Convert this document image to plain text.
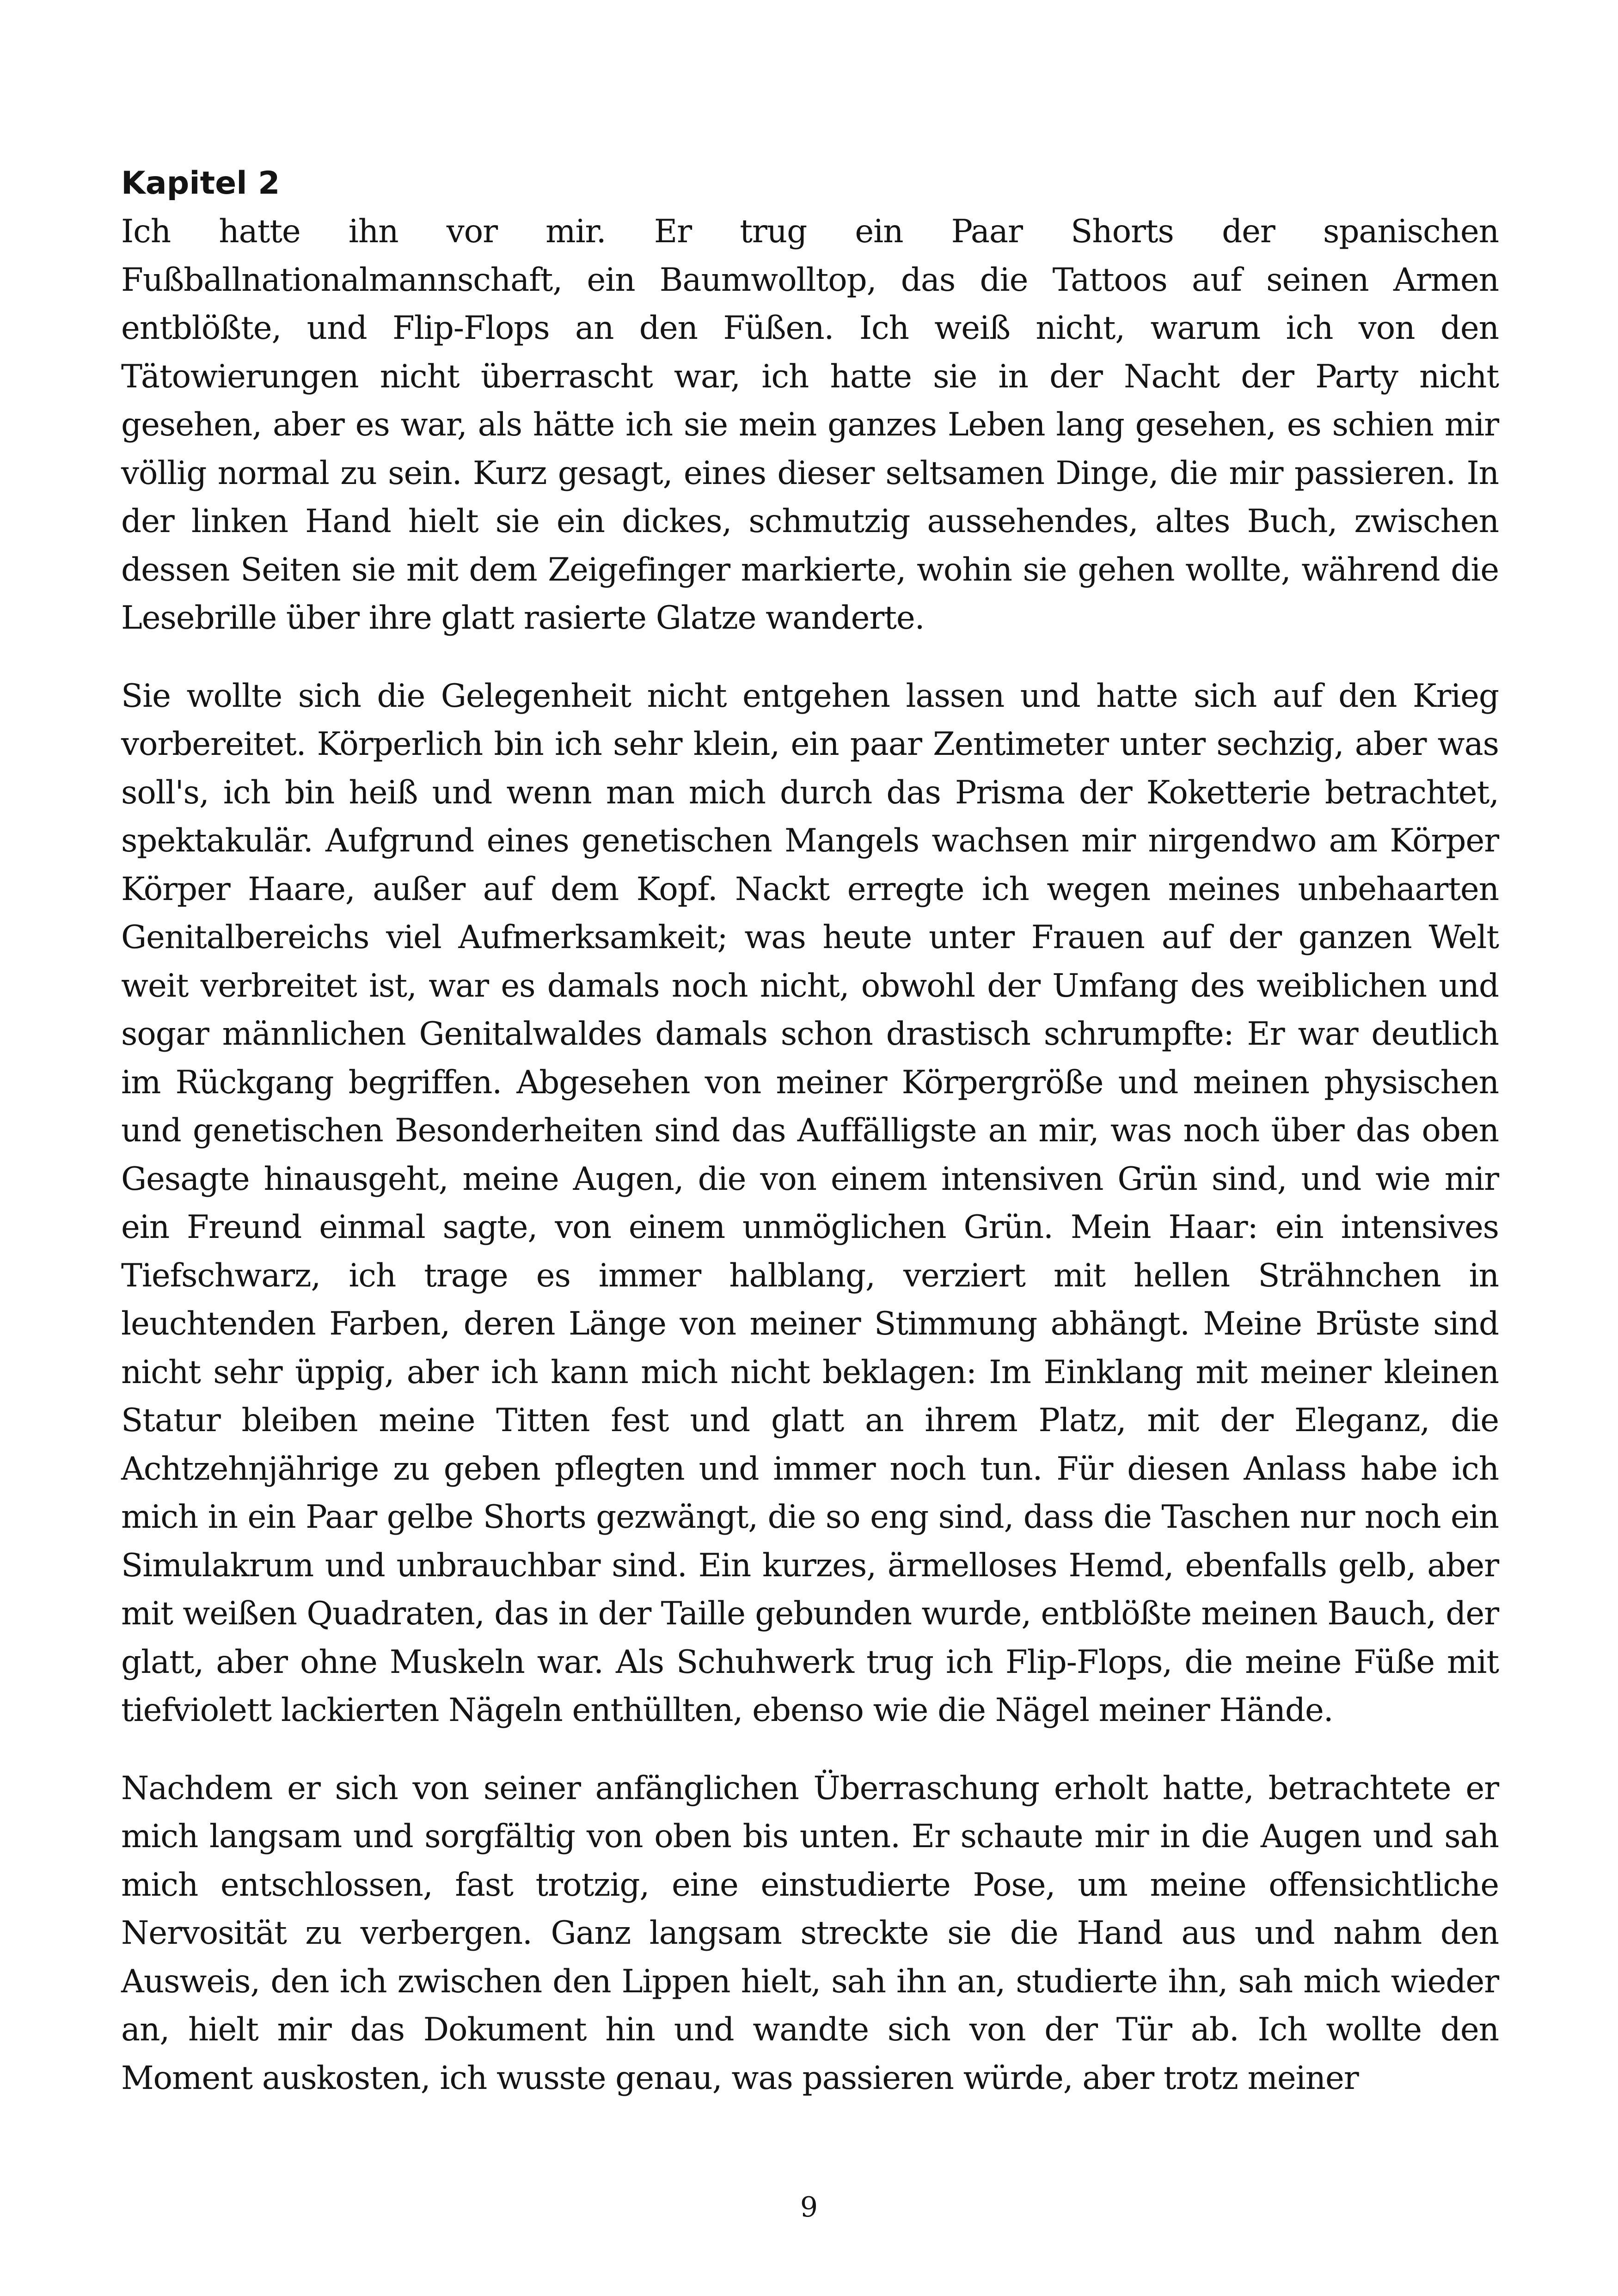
Kapitel 2

Ich hatte ihn vor mir. Er trug ein Paar Shorts der spanischen Fußballnationalmannschaft, ein Baumwolltop, das die Tattoos auf seinen Armen entblößte, und Flip-Flops an den Füßen. Ich weiß nicht, warum ich von den Tätowierungen nicht überrascht war, ich hatte sie in der Nacht der Party nicht gesehen, aber es war, als hätte ich sie mein ganzes Leben lang gesehen, es schien mir völlig normal zu sein. Kurz gesagt, eines dieser seltsamen Dinge, die mir passieren. In der linken Hand hielt sie ein dickes, schmutzig aussehendes, altes Buch, zwischen dessen Seiten sie mit dem Zeigefinger markierte, wohin sie gehen wollte, während die Lesebrille über ihre glatt rasierte Glatze wanderte.

Sie wollte sich die Gelegenheit nicht entgehen lassen und hatte sich auf den Krieg vorbereitet. Körperlich bin ich sehr klein, ein paar Zentimeter unter sechzig, aber was soll's, ich bin heiß und wenn man mich durch das Prisma der Koketterie betrachtet, spektakulär. Aufgrund eines genetischen Mangels wachsen mir nirgendwo am Körper Körper Haare, außer auf dem Kopf. Nackt erregte ich wegen meines unbehaarten Genitalbereichs viel Aufmerksamkeit; was heute unter Frauen auf der ganzen Welt weit verbreitet ist, war es damals noch nicht, obwohl der Umfang des weiblichen und sogar männlichen Genitalwaldes damals schon drastisch schrumpfte: Er war deutlich im Rückgang begriffen. Abgesehen von meiner Körpergröße und meinen physischen und genetischen Besonderheiten sind das Auffälligste an mir, was noch über das oben Gesagte hinausgeht, meine Augen, die von einem intensiven Grün sind, und wie mir ein Freund einmal sagte, von einem unmöglichen Grün. Mein Haar: ein intensives Tiefschwarz, ich trage es immer halblang, verziert mit hellen Strähnchen in leuchtenden Farben, deren Länge von meiner Stimmung abhängt. Meine Brüste sind nicht sehr üppig, aber ich kann mich nicht beklagen: Im Einklang mit meiner kleinen Statur bleiben meine Titten fest und glatt an ihrem Platz, mit der Eleganz, die Achtzehnjährige zu geben pflegten und immer noch tun. Für diesen Anlass habe ich mich in ein Paar gelbe Shorts gezwängt, die so eng sind, dass die Taschen nur noch ein Simulakrum und unbrauchbar sind. Ein kurzes, ärmelloses Hemd, ebenfalls gelb, aber mit weißen Quadraten, das in der Taille gebunden wurde, entblößte meinen Bauch, der glatt, aber ohne Muskeln war. Als Schuhwerk trug ich Flip-Flops, die meine Füße mit tiefviolett lackierten Nägeln enthüllten, ebenso wie die Nägel meiner Hände.

Nachdem er sich von seiner anfänglichen Überraschung erholt hatte, betrachtete er mich langsam und sorgfältig von oben bis unten. Er schaute mir in die Augen und sah mich entschlossen, fast trotzig, eine einstudierte Pose, um meine offensichtliche Nervosität zu verbergen. Ganz langsam streckte sie die Hand aus und nahm den Ausweis, den ich zwischen den Lippen hielt, sah ihn an, studierte ihn, sah mich wieder an, hielt mir das Dokument hin und wandte sich von der Tür ab. Ich wollte den Moment auskosten, ich wusste genau, was passieren würde, aber trotz meiner

9
